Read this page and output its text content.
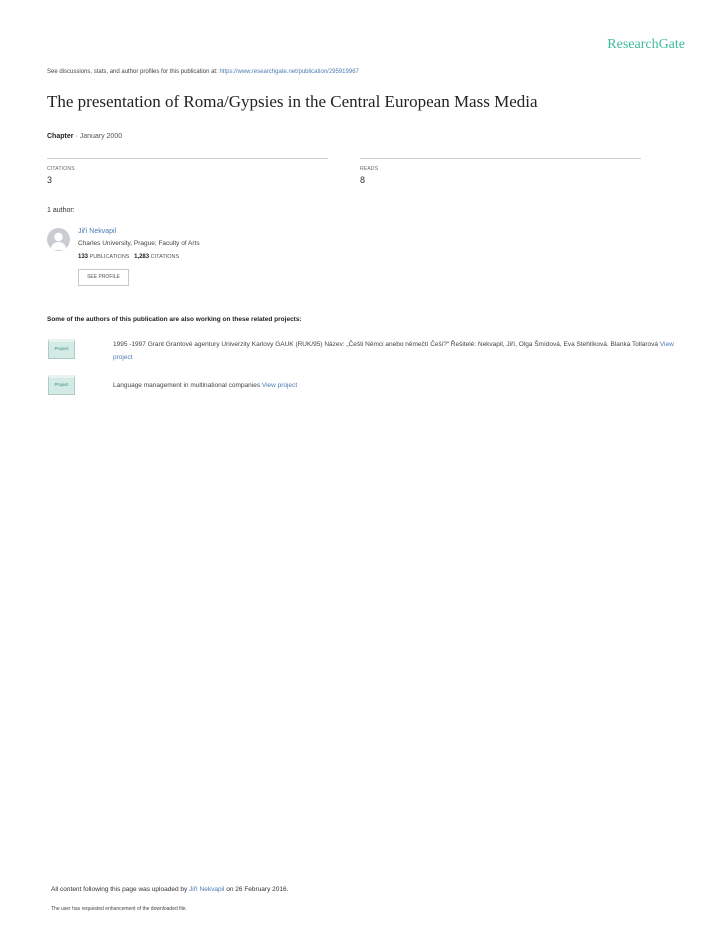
ResearchGate
See discussions, stats, and author profiles for this publication at: https://www.researchgate.net/publication/295919967
The presentation of Roma/Gypsies in the Central European Mass Media
Chapter · January 2000
CITATIONS
3
READS
8
1 author:
Jiří Nekvapil
Charles University, Prague; Faculty of Arts
133 PUBLICATIONS 1,283 CITATIONS
SEE PROFILE
Some of the authors of this publication are also working on these related projects:
Project
1995 -1997 Grant Grantové agentury Univerzity Karlovy GAUK (RUK/95) Název: „Češti Němci anebo němečtí Češi?“ Řešitelé: Nekvapil, Jiří, Olga Šmídová, Eva Stehlíková. Blanka Tollarová View project
Project	Language management in multinational companies View project
All content following this page was uploaded by Jiří Nekvapil on 26 February 2016.
The user has requested enhancement of the downloaded file.
